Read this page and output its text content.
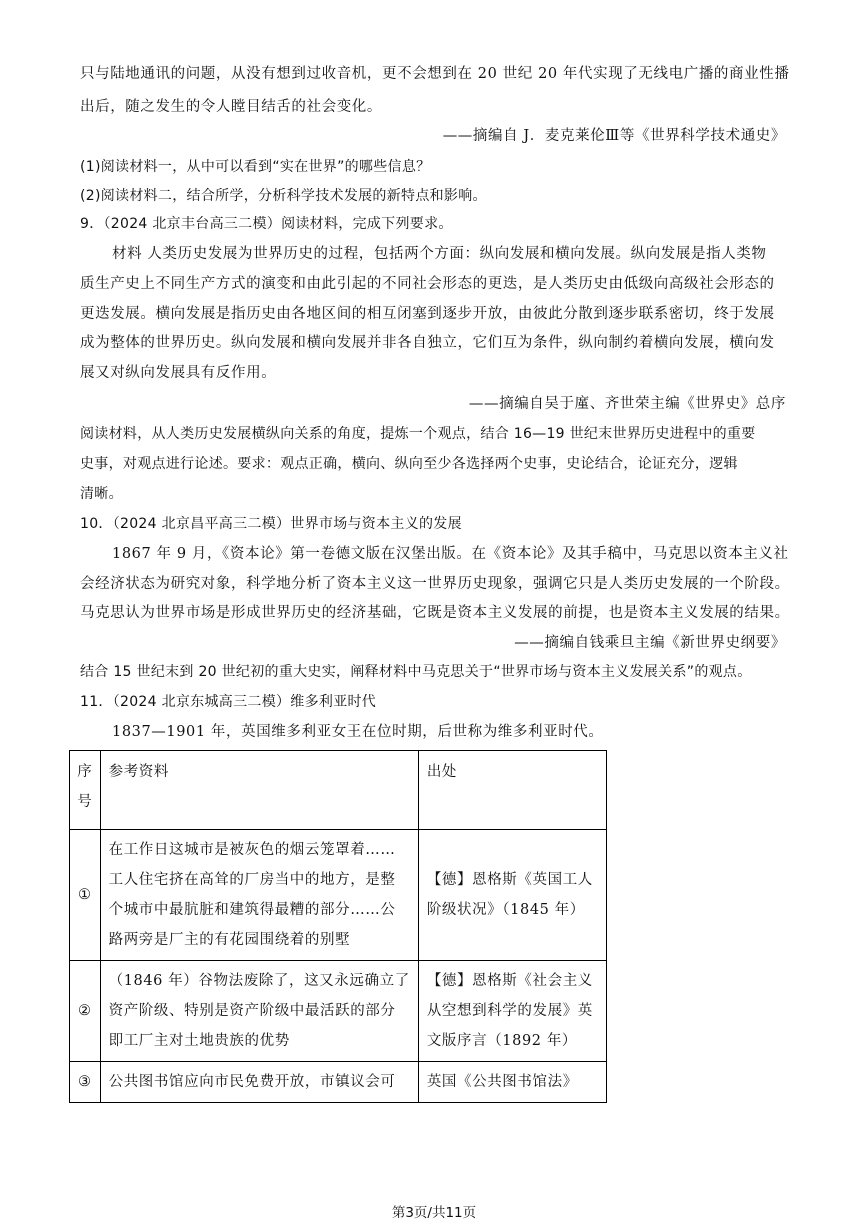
只与陆地通讯的问题，从没有想到过收音机，更不会想到在 20 世纪 20 年代实现了无线电广播的商业性播
出后，随之发生的令人瞠目结舌的社会变化。
——摘编自 J．麦克莱伦Ⅲ等《世界科学技术通史》
(1)阅读材料一，从中可以看到“实在世界”的哪些信息？
(2)阅读材料二，结合所学，分析科学技术发展的新特点和影响。
9．（2024 北京丰台高三二模）阅读材料，完成下列要求。
材料 人类历史发展为世界历史的过程，包括两个方面：纵向发展和横向发展。纵向发展是指人类物
质生产史上不同生产方式的演变和由此引起的不同社会形态的更迭，是人类历史由低级向高级社会形态的
更迭发展。横向发展是指历史由各地区间的相互闭塞到逐步开放，由彼此分散到逐步联系密切，终于发展
成为整体的世界历史。纵向发展和横向发展并非各自独立，它们互为条件，纵向制约着横向发展，横向发
展又对纵向发展具有反作用。
——摘编自吴于廑、齐世荣主编《世界史》总序
阅读材料，从人类历史发展横纵向关系的角度，提炼一个观点，结合 16—19 世纪末世界历史进程中的重要
史事，对观点进行论述。要求：观点正确，横向、纵向至少各选择两个史事，史论结合，论证充分，逻辑
清晰。
10．（2024 北京昌平高三二模）世界市场与资本主义的发展
1867 年 9 月，《资本论》第一卷德文版在汉堡出版。在《资本论》及其手稿中，马克思以资本主义社
会经济状态为研究对象，科学地分析了资本主义这一世界历史现象，强调它只是人类历史发展的一个阶段。
马克思认为世界市场是形成世界历史的经济基础，它既是资本主义发展的前提，也是资本主义发展的结果。
——摘编自钱乘旦主编《新世界史纲要》
结合 15 世纪末到 20 世纪初的重大史实，阐释材料中马克思关于“世界市场与资本主义发展关系”的观点。
11．（2024 北京东城高三二模）维多利亚时代
1837—1901 年，英国维多利亚女王在位时期，后世称为维多利亚时代。
序
号	参考资料	出处
①	在工作日这城市是被灰色的烟云笼罩着……
工人住宅挤在高耸的厂房当中的地方，是整
个城市中最肮脏和建筑得最糟的部分……公
路两旁是厂主的有花园围绕着的别墅	【德】恩格斯《英国工人
阶级状况》（1845 年）

②	（1846 年）谷物法废除了，这又永远确立了
资产阶级、特别是资产阶级中最活跃的部分
即工厂主对土地贵族的优势	【德】恩格斯《社会主义
从空想到科学的发展》英
文版序言（1892 年）

③	公共图书馆应向市民免费开放，市镇议会可	英国《公共图书馆法》
第3页/共11页
